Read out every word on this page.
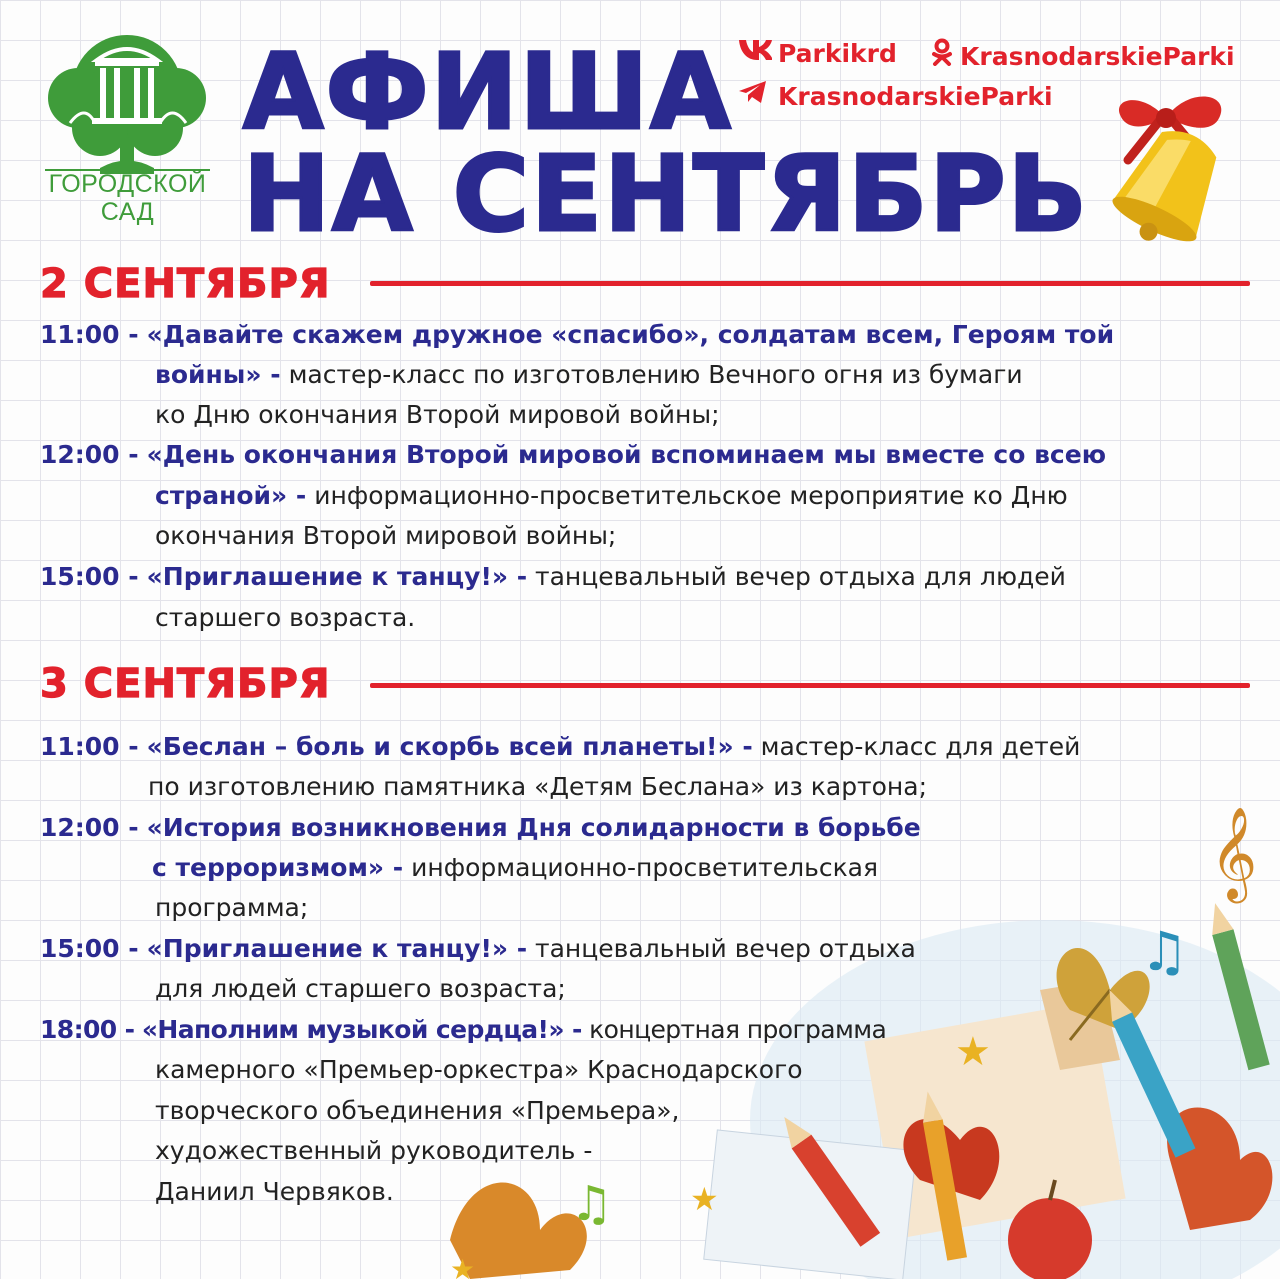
ГОРОДСКОЙ
САД
АФИША
НА СЕНТЯБРЬ
Parkikrd	KrasnodarskieParki
KrasnodarskieParki
2 СЕНТЯБРЯ
11:00 - «Давайте скажем дружное «спасибо», солдатам всем, Героям той
войны» - мастер-класс по изготовлению Вечного огня из бумаги
ко Дню окончания Второй мировой войны;
12:00 - «День окончания Второй мировой вспоминаем мы вместе со всею
страной» - информационно-просветительское мероприятие ко Дню
окончания Второй мировой войны;
15:00 - «Приглашение к танцу!» - танцевальный вечер отдыха для людей
старшего возраста.
3 СЕНТЯБРЯ
𝄞
♫
♫
★
★
★
11:00 - «Беслан – боль и скорбь всей планеты!» - мастер-класс для детей
по изготовлению памятника «Детям Беслана» из картона;
12:00 - «История возникновения Дня солидарности в борьбе
с терроризмом» - информационно-просветительская
программа;
15:00 - «Приглашение к танцу!» - танцевальный вечер отдыха
для людей старшего возраста;
18:00 - «Наполним музыкой сердца!» - концертная программа
камерного «Премьер-оркестра» Краснодарского
творческого объединения «Премьера»,
художественный руководитель -
Даниил Червяков.
